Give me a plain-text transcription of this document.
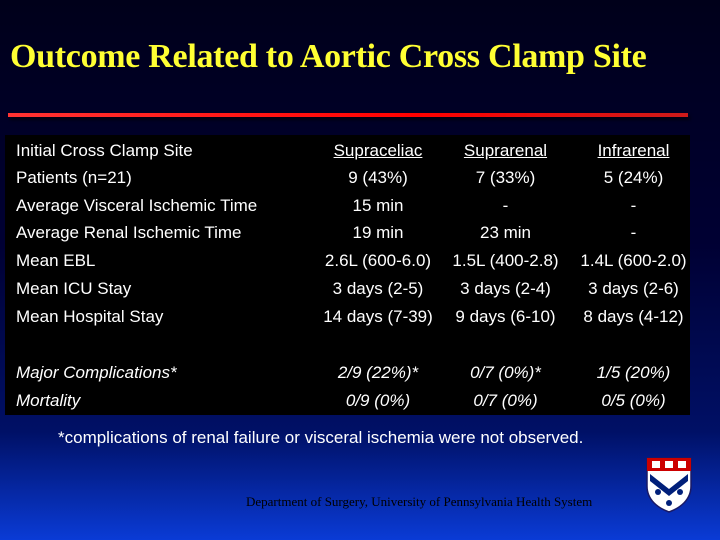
Outcome Related to Aortic Cross Clamp Site
Initial Cross Clamp Site	Supraceliac	Suprarenal	Infrarenal
Patients (n=21)	9 (43%)	7 (33%)	5 (24%)
Average Visceral Ischemic Time	15 min	-	-
Average Renal Ischemic Time	19 min	23 min	-
Mean EBL	2.6L (600-6.0)	1.5L (400-2.8)	1.4L (600-2.0)
Mean ICU Stay	3 days (2-5)	3 days (2-4)	3 days (2-6)
Mean Hospital Stay	14 days (7-39)	9 days (6-10)	8 days (4-12)
Major Complications*	2/9 (22%)*	0/7 (0%)*	1/5 (20%)
Mortality	0/9 (0%)	0/7 (0%)	0/5 (0%)
*complications of renal failure or visceral ischemia were not observed.
Department of Surgery, University of Pennsylvania Health System
